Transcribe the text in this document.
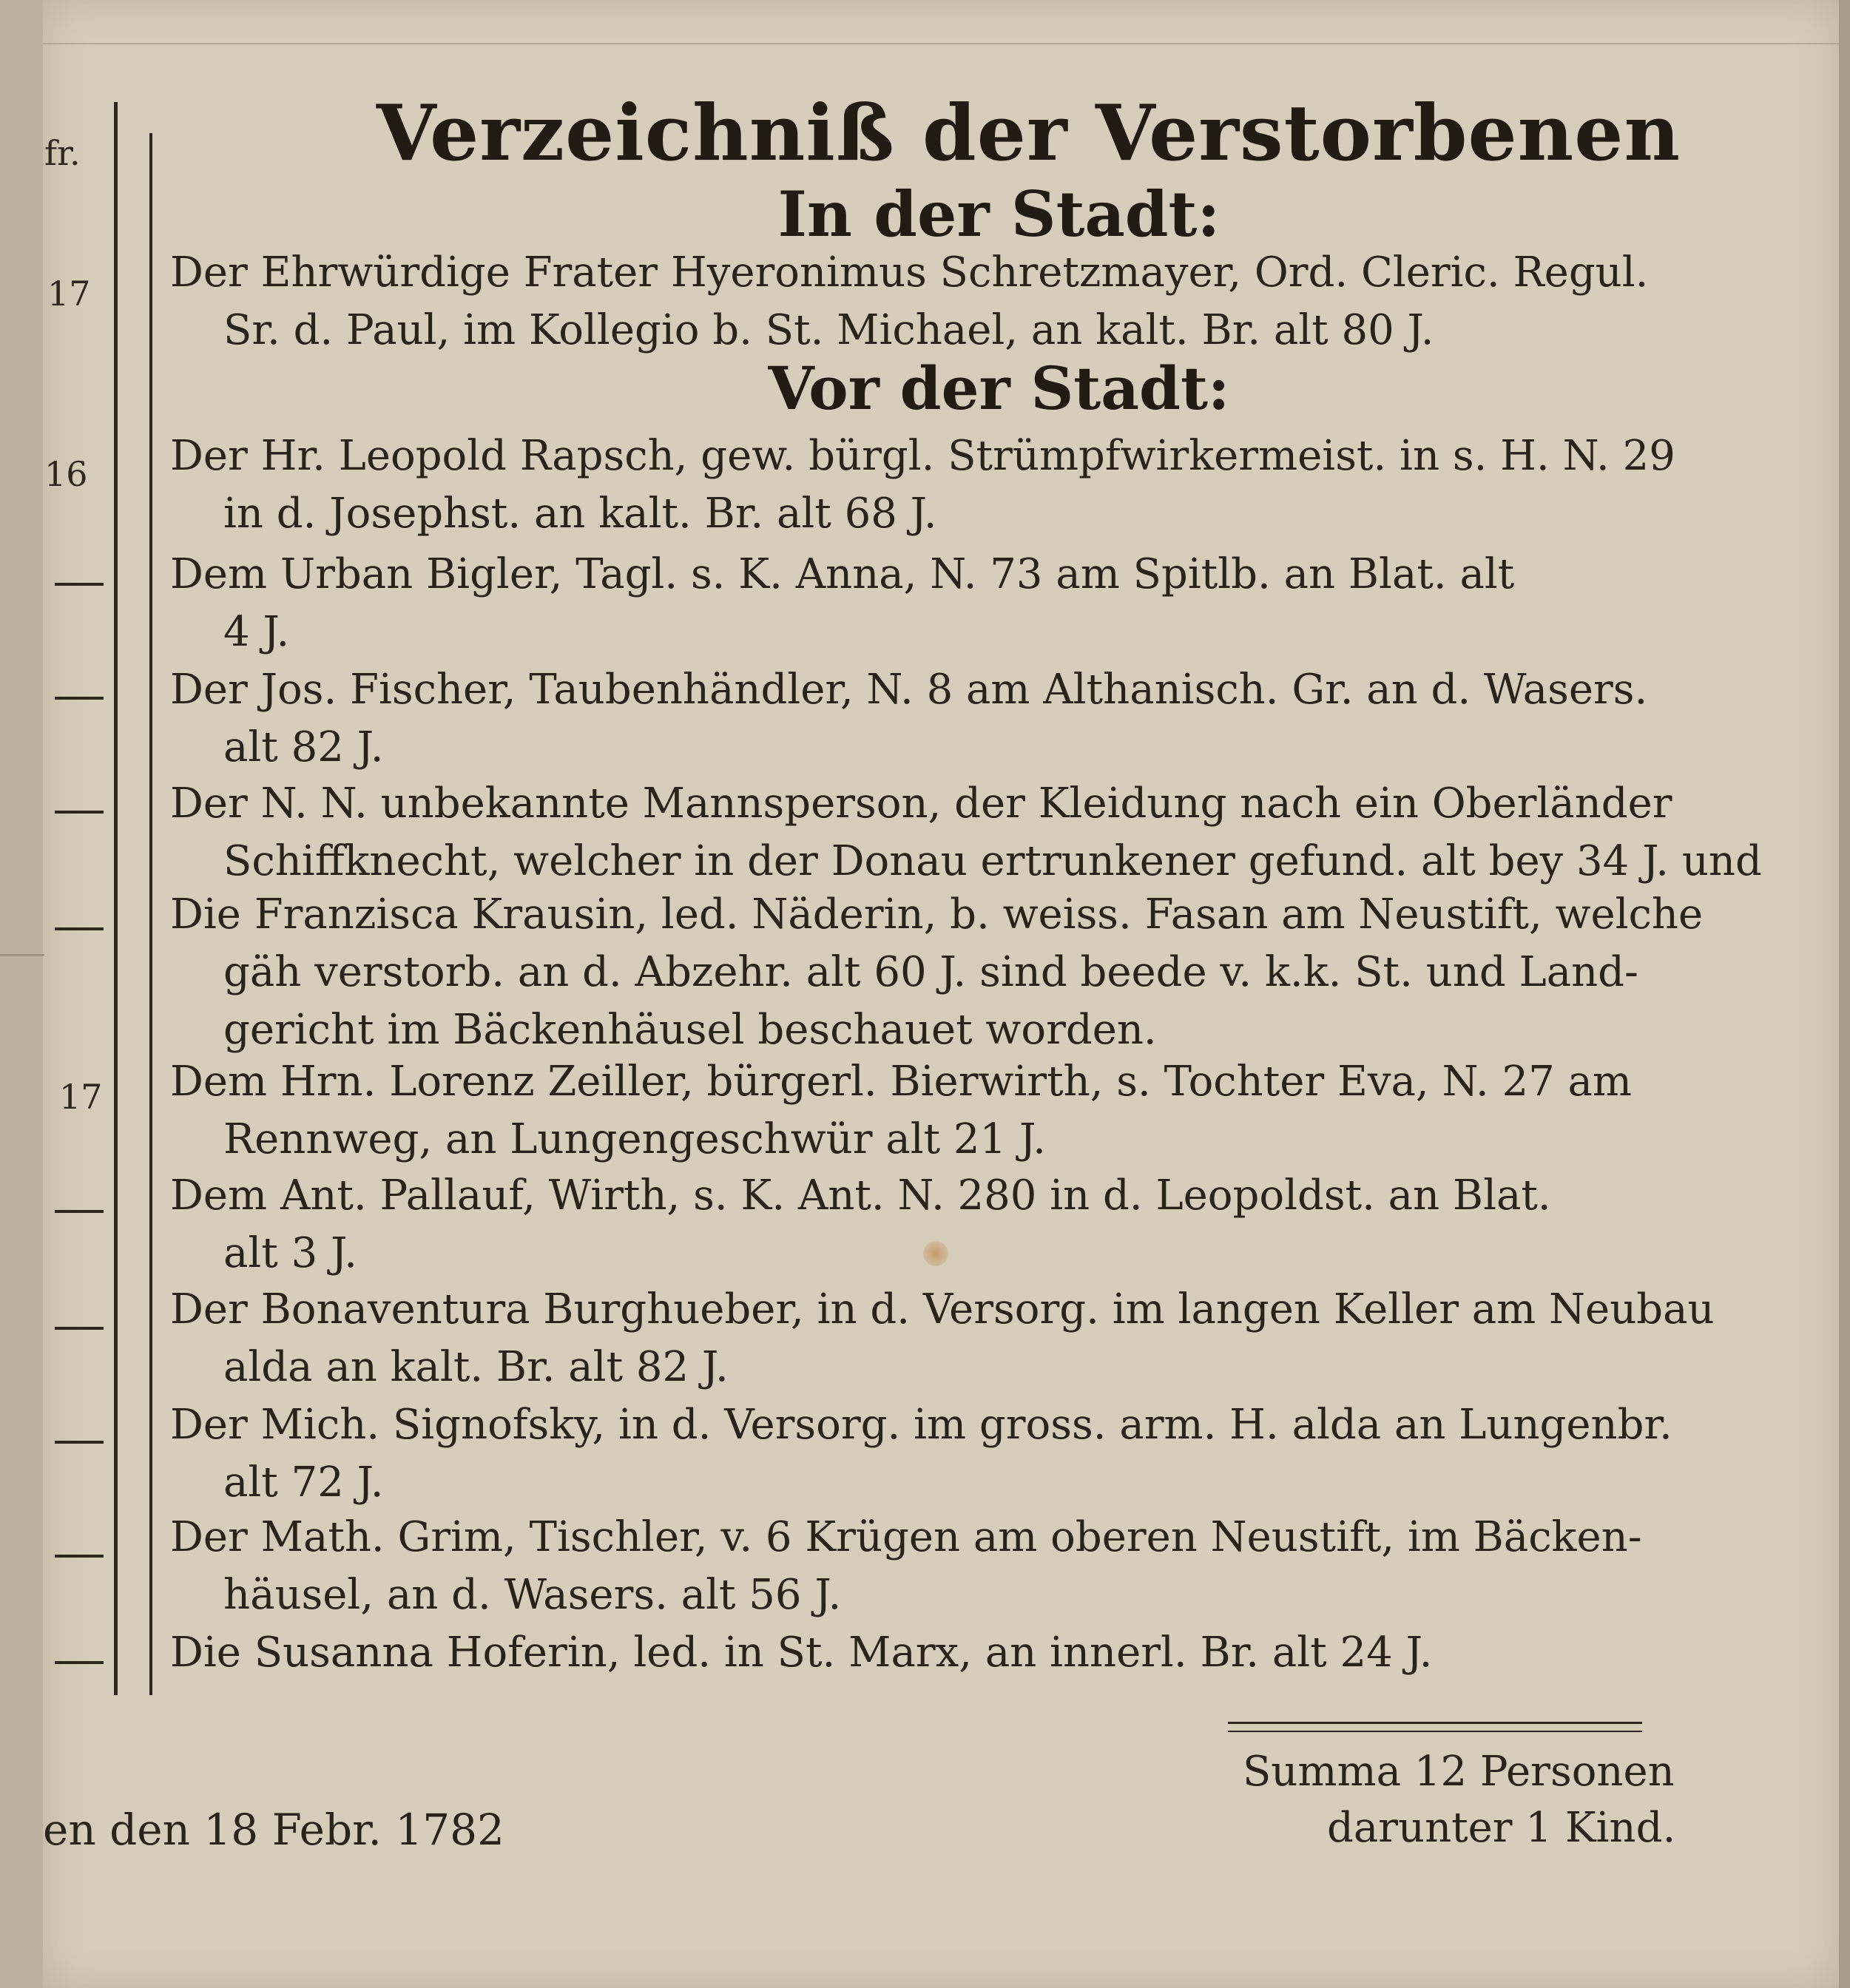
fr.	Verzeichniß der Verstorbenen
In der Stadt:
17 Der Ehrwürdige Frater Hyeronimus Schretzmayer, Ord. Cleric. Regul.
Sr. d. Paul, im Kollegio b. St. Michael, an kalt. Br. alt 80 J.
Vor der Stadt:
16 Der Hr. Leopold Rapsch, gew. bürgl. Strümpfwirkermeist. in s. H. N. 29
in d. Josephst. an kalt. Br. alt 68 J.
Dem Urban Bigler, Tagl. s. K. Anna, N. 73 am Spitlb. an Blat. alt
4 J.
Der Jos. Fischer, Taubenhändler, N. 8 am Althanisch. Gr. an d. Wasers.
alt 82 J.
Der N. N. unbekannte Mannsperson, der Kleidung nach ein Oberländer
Schiffknecht, welcher in der Donau ertrunkener gefund. alt bey 34 J. und
Die Franzisca Krausin, led. Näderin, b. weiss. Fasan am Neustift, welche
gäh verstorb. an d. Abzehr. alt 60 J. sind beede v. k.k. St. und Land-
gericht im Bäckenhäusel beschauet worden.
17 Dem Hrn. Lorenz Zeiller, bürgerl. Bierwirth, s. Tochter Eva, N. 27 am
Rennweg, an Lungengeschwür alt 21 J.
Dem Ant. Pallauf, Wirth, s. K. Ant. N. 280 in d. Leopoldst. an Blat.
alt 3 J.
Der Bonaventura Burghueber, in d. Versorg. im langen Keller am Neubau
alda an kalt. Br. alt 82 J.
Der Mich. Signofsky, in d. Versorg. im gross. arm. H. alda an Lungenbr.
alt 72 J.
Der Math. Grim, Tischler, v. 6 Krügen am oberen Neustift, im Bäcken-
häusel, an d. Wasers. alt 56 J.
Die Susanna Hoferin, led. in St. Marx, an innerl. Br. alt 24 J.
Summa 12 Personen
darunter 1 Kind.
en den 18 Febr. 1782
